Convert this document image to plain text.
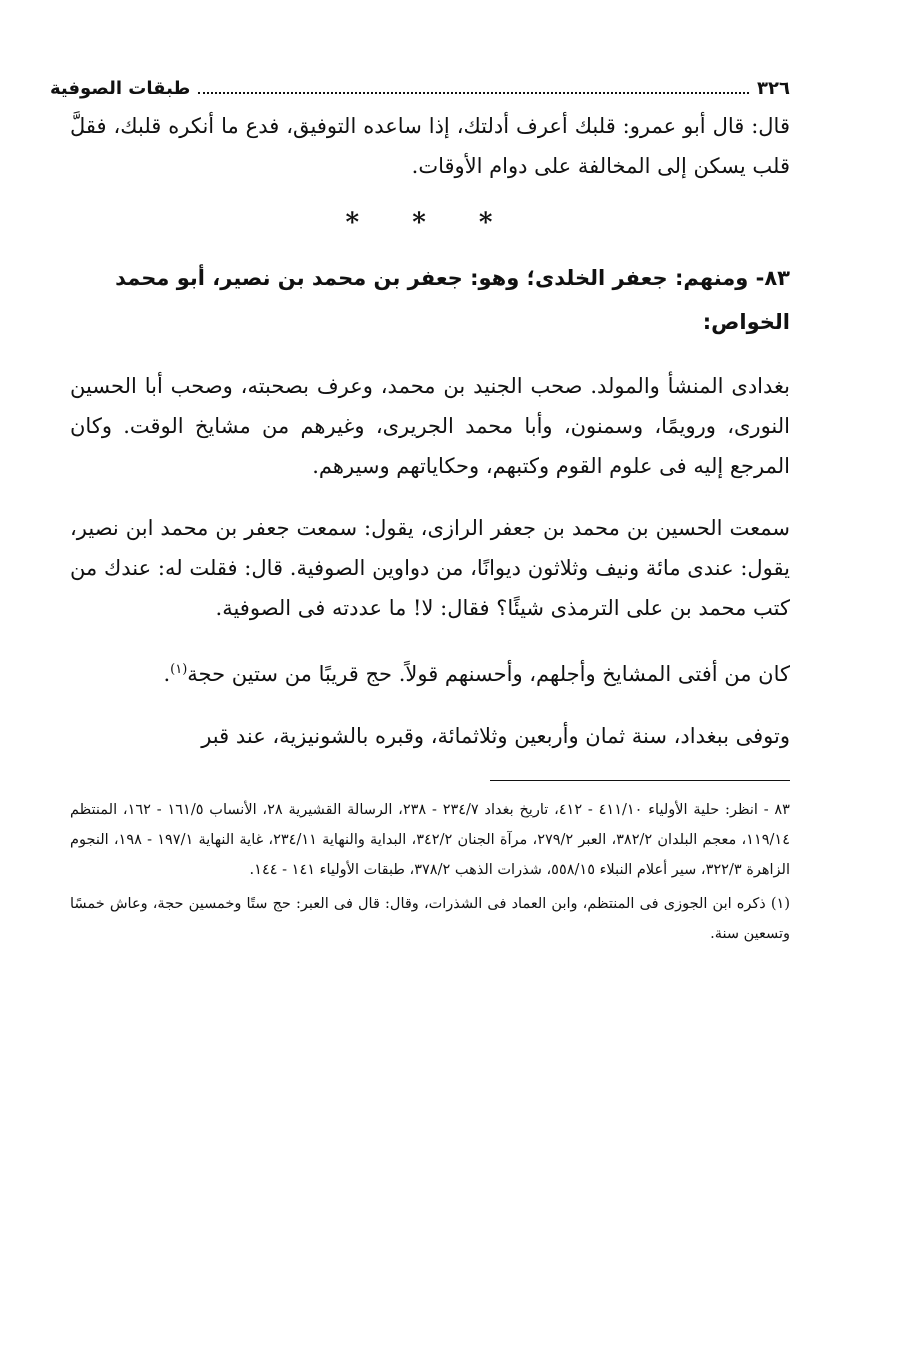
٣٢٦
طبقات الصوفية

قال: قال أبو عمرو: قلبك أعرف أدلتك، إذا ساعده التوفيق، فدع ما أنكره قلبك، فقلَّ قلب يسكن إلى المخالفة على دوام الأوقات.

* * *

٨٣- ومنهم: جعفر الخلدى؛ وهو: جعفر بن محمد بن نصير، أبو محمد الخواص:

بغدادى المنشأ والمولد. صحب الجنيد بن محمد، وعرف بصحبته، وصحب أبا الحسين النورى، ورويمًا، وسمنون، وأبا محمد الجريرى، وغيرهم من مشايخ الوقت. وكان المرجع إليه فى علوم القوم وكتبهم، وحكاياتهم وسيرهم.

سمعت الحسين بن محمد بن جعفر الرازى، يقول: سمعت جعفر بن محمد ابن نصير، يقول: عندى مائة ونيف وثلاثون ديوانًا، من دواوين الصوفية. قال: فقلت له: عندك من كتب محمد بن على الترمذى شيئًا؟ فقال: لا! ما عددته فى الصوفية.

كان من أفتى المشايخ وأجلهم، وأحسنهم قولاً. حج قريبًا من ستين حجة$^{(١)}$.

وتوفى ببغداد، سنة ثمان وأربعين وثلاثمائة، وقبره بالشونيزية، عند قبر

٨٣ - انظر: حلية الأولياء ٤١١/١٠ - ٤١٢، تاريخ بغداد ٢٣٤/٧ - ٢٣٨، الرسالة القشيرية ٢٨، الأنساب ١٦١/٥ - ١٦٢، المنتظم ١١٩/١٤، معجم البلدان ٣٨٢/٢، العبر ٢٧٩/٢، مرآة الجنان ٣٤٢/٢، البداية والنهاية ٢٣٤/١١، غاية النهاية ١٩٧/١ - ١٩٨، النجوم الزاهرة ٣٢٢/٣، سير أعلام النبلاء ٥٥٨/١٥، شذرات الذهب ٣٧٨/٢، طبقات الأولياء ١٤١ - ١٤٤.

(١) ذكره ابن الجوزى فى المنتظم، وابن العماد فى الشذرات، وقال: قال فى العبر: حج ستًا وخمسين حجة، وعاش خمسًا وتسعين سنة.
